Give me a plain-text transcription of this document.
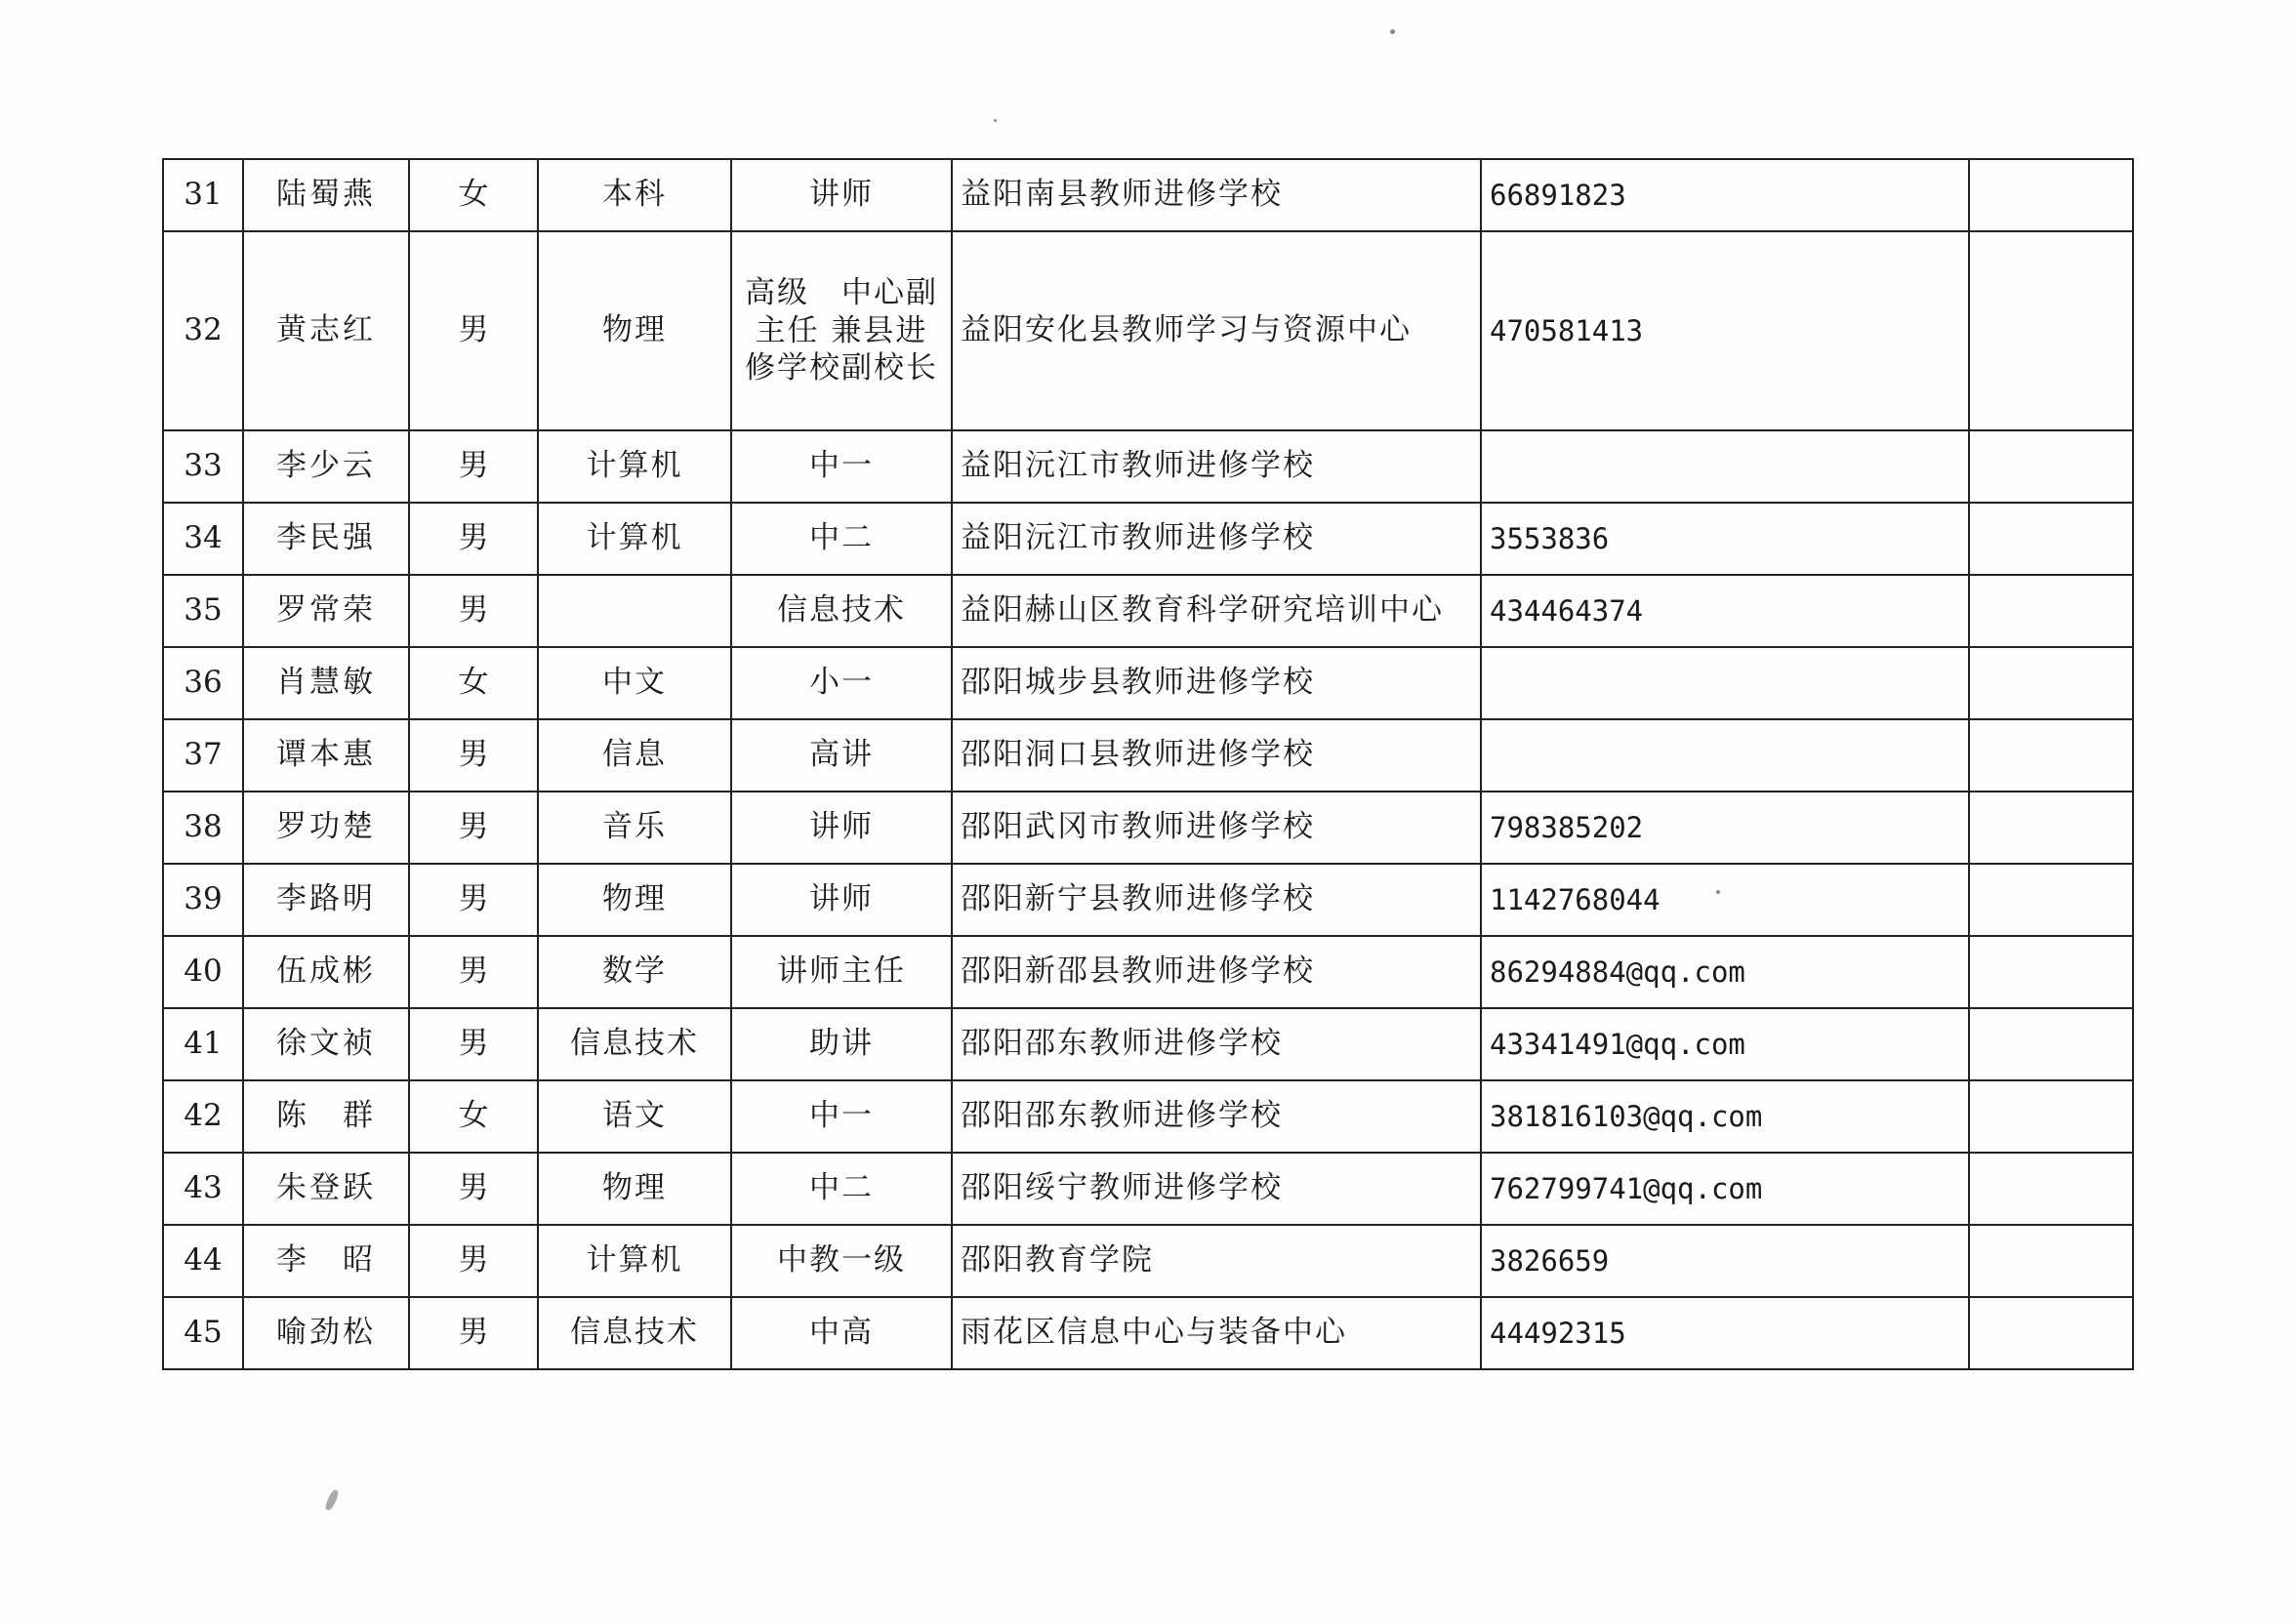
31	陆蜀燕	女	本科	讲师	益阳南县教师进修学校	66891823	
32	黄志红	男	物理	高级　中心副主任 兼县进修学校副校长	益阳安化县教师学习与资源中心	470581413	
33	李少云	男	计算机	中一	益阳沅江市教师进修学校		
34	李民强	男	计算机	中二	益阳沅江市教师进修学校	3553836	
35	罗常荣	男		信息技术	益阳赫山区教育科学研究培训中心	434464374	
36	肖慧敏	女	中文	小一	邵阳城步县教师进修学校		
37	谭本惠	男	信息	高讲	邵阳洞口县教师进修学校		
38	罗功楚	男	音乐	讲师	邵阳武冈市教师进修学校	798385202	
39	李路明	男	物理	讲师	邵阳新宁县教师进修学校	1142768044	
40	伍成彬	男	数学	讲师主任	邵阳新邵县教师进修学校	86294884@qq.com	
41	徐文祯	男	信息技术	助讲	邵阳邵东教师进修学校	43341491@qq.com	
42	陈　群	女	语文	中一	邵阳邵东教师进修学校	381816103@qq.com	
43	朱登跃	男	物理	中二	邵阳绥宁教师进修学校	762799741@qq.com	
44	李　昭	男	计算机	中教一级	邵阳教育学院	3826659	
45	喻劲松	男	信息技术	中高	雨花区信息中心与装备中心	44492315	
